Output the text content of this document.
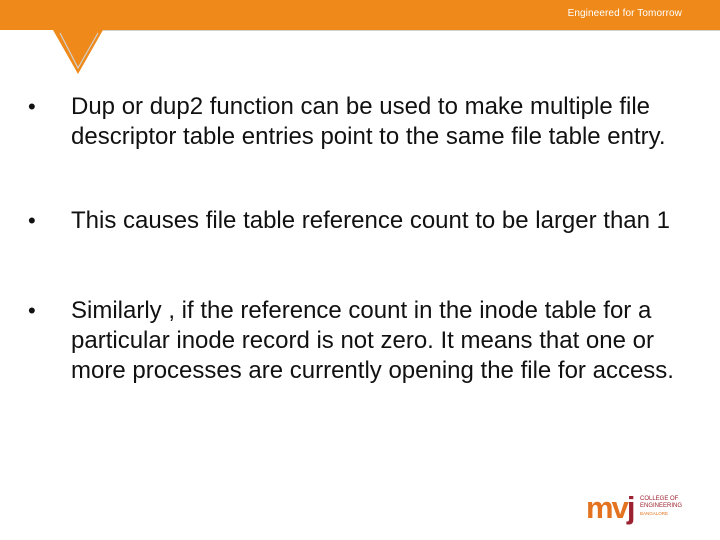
Engineered for Tomorrow
•	Dup or dup2 function can be used to make multiple file descriptor table entries point to the same file table entry.
•	This causes file table reference count to be larger than 1
•	Similarly , if the reference count in the inode table for a particular inode record is not zero. It means that one or more processes are currently opening the file for access.
mvj COLLEGE OF
ENGINEERING
BANGALORE
